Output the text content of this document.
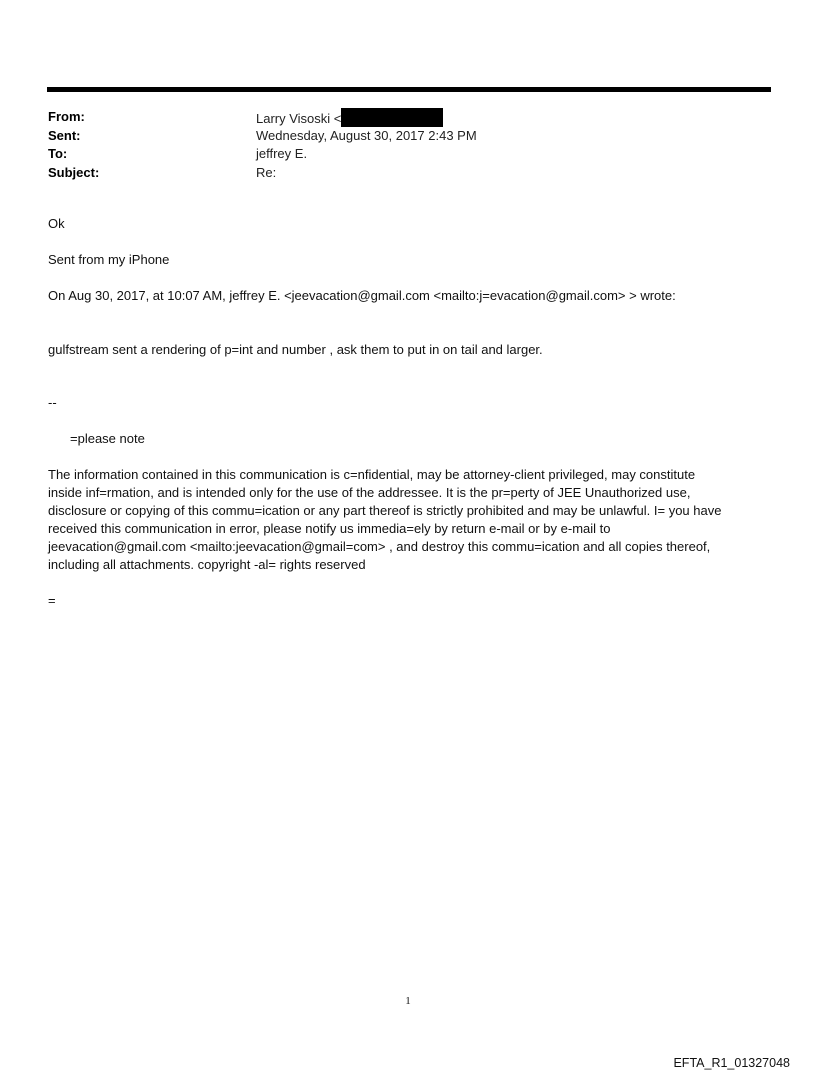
From:	Larry Visoski <
Sent:	Wednesday, August 30, 2017 2:43 PM
To:	jeffrey E.
Subject:	Re:

Ok

Sent from my iPhone

On Aug 30, 2017, at 10:07 AM, jeffrey E. <jeevacation@gmail.com <mailto:j=evacation@gmail.com> > wrote:

gulfstream sent a rendering of p=int and number , ask them to put in on tail and larger.

--

=please note

The information contained in this communication is c=nfidential, may be attorney-client privileged, may constitute
inside inf=rmation, and is intended only for the use of the addressee. It is the pr=perty of JEE Unauthorized use,
disclosure or copying of this commu=ication or any part thereof is strictly prohibited and may be unlawful. I= you have
received this communication in error, please notify us immedia=ely by return e-mail or by e-mail to
jeevacation@gmail.com <mailto:jeevacation@gmail=com> , and destroy this commu=ication and all copies thereof,
including all attachments. copyright -al= rights reserved

=

1
EFTA_R1_01327048
